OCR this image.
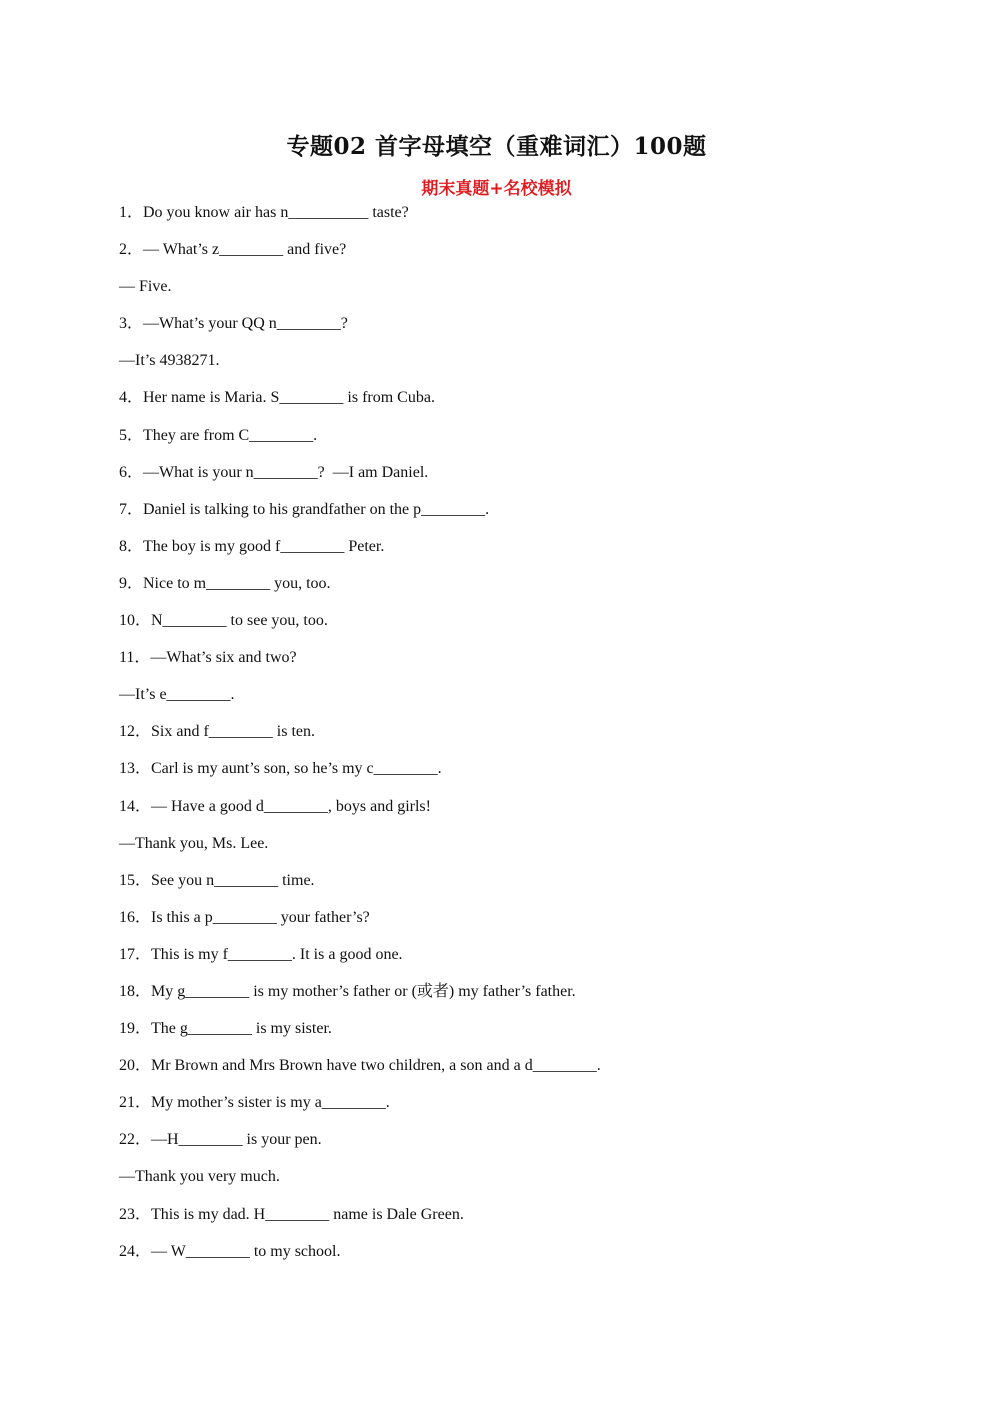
专题02 首字母填空（重难词汇）100题
期末真题+名校模拟
1．Do you know air has n__________ taste?
2．— What’s z________ and five?
— Five.
3．—What’s your QQ n________?
—It’s 4938271.
4．Her name is Maria. S________ is from Cuba.
5．They are from C________.
6．—What is your n________?  —I am Daniel.
7．Daniel is talking to his grandfather on the p________.
8．The boy is my good f________ Peter.
9．Nice to m________ you, too.
10．N________ to see you, too.
11．—What’s six and two?
—It’s e________.
12．Six and f________ is ten.
13．Carl is my aunt’s son, so he’s my c________.
14．— Have a good d________, boys and girls!
—Thank you, Ms. Lee.
15．See you n________ time.
16．Is this a p________ your father’s?
17．This is my f________. It is a good one.
18．My g________ is my mother’s father or (或者) my father’s father.
19．The g________ is my sister.
20．Mr Brown and Mrs Brown have two children, a son and a d________.
21．My mother’s sister is my a________.
22．—H________ is your pen.
—Thank you very much.
23．This is my dad. H________ name is Dale Green.
24．— W________ to my school.
